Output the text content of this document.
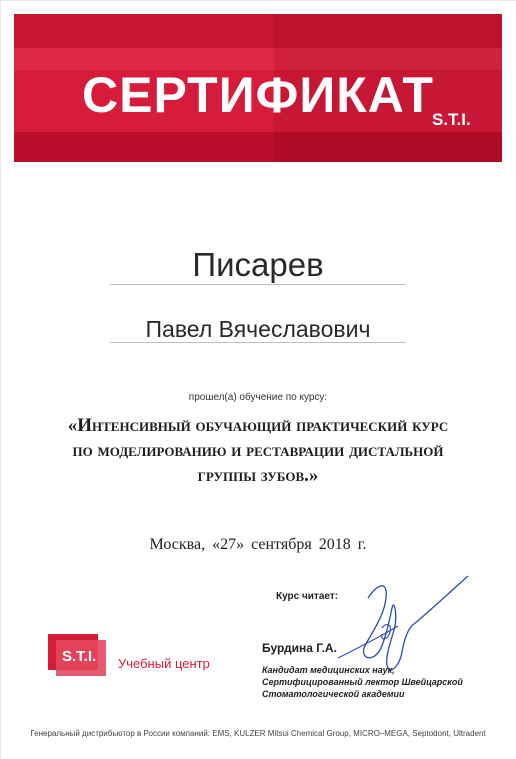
СЕРТИФИКАТ
S.T.I.
Писарев
Павел Вячеславович
прошел(а) обучение по курсу:
«Интенсивный обучающий практический курс
по моделированию и реставрации дистальной
группы зубов.»
Москва, «27» сентября 2018 г.
S.T.I. Учебный центр
Курс читает:
Бурдина Г.А.
Кандидат медицинских наук,
Сертифицированный лектор Швейцарской
Стоматологической академии
Генеральный дистрибьютор в России компаний: EMS, KULZER Mitsui Chemical Group, MICRO–MEGA, Septodont, Ultradent
